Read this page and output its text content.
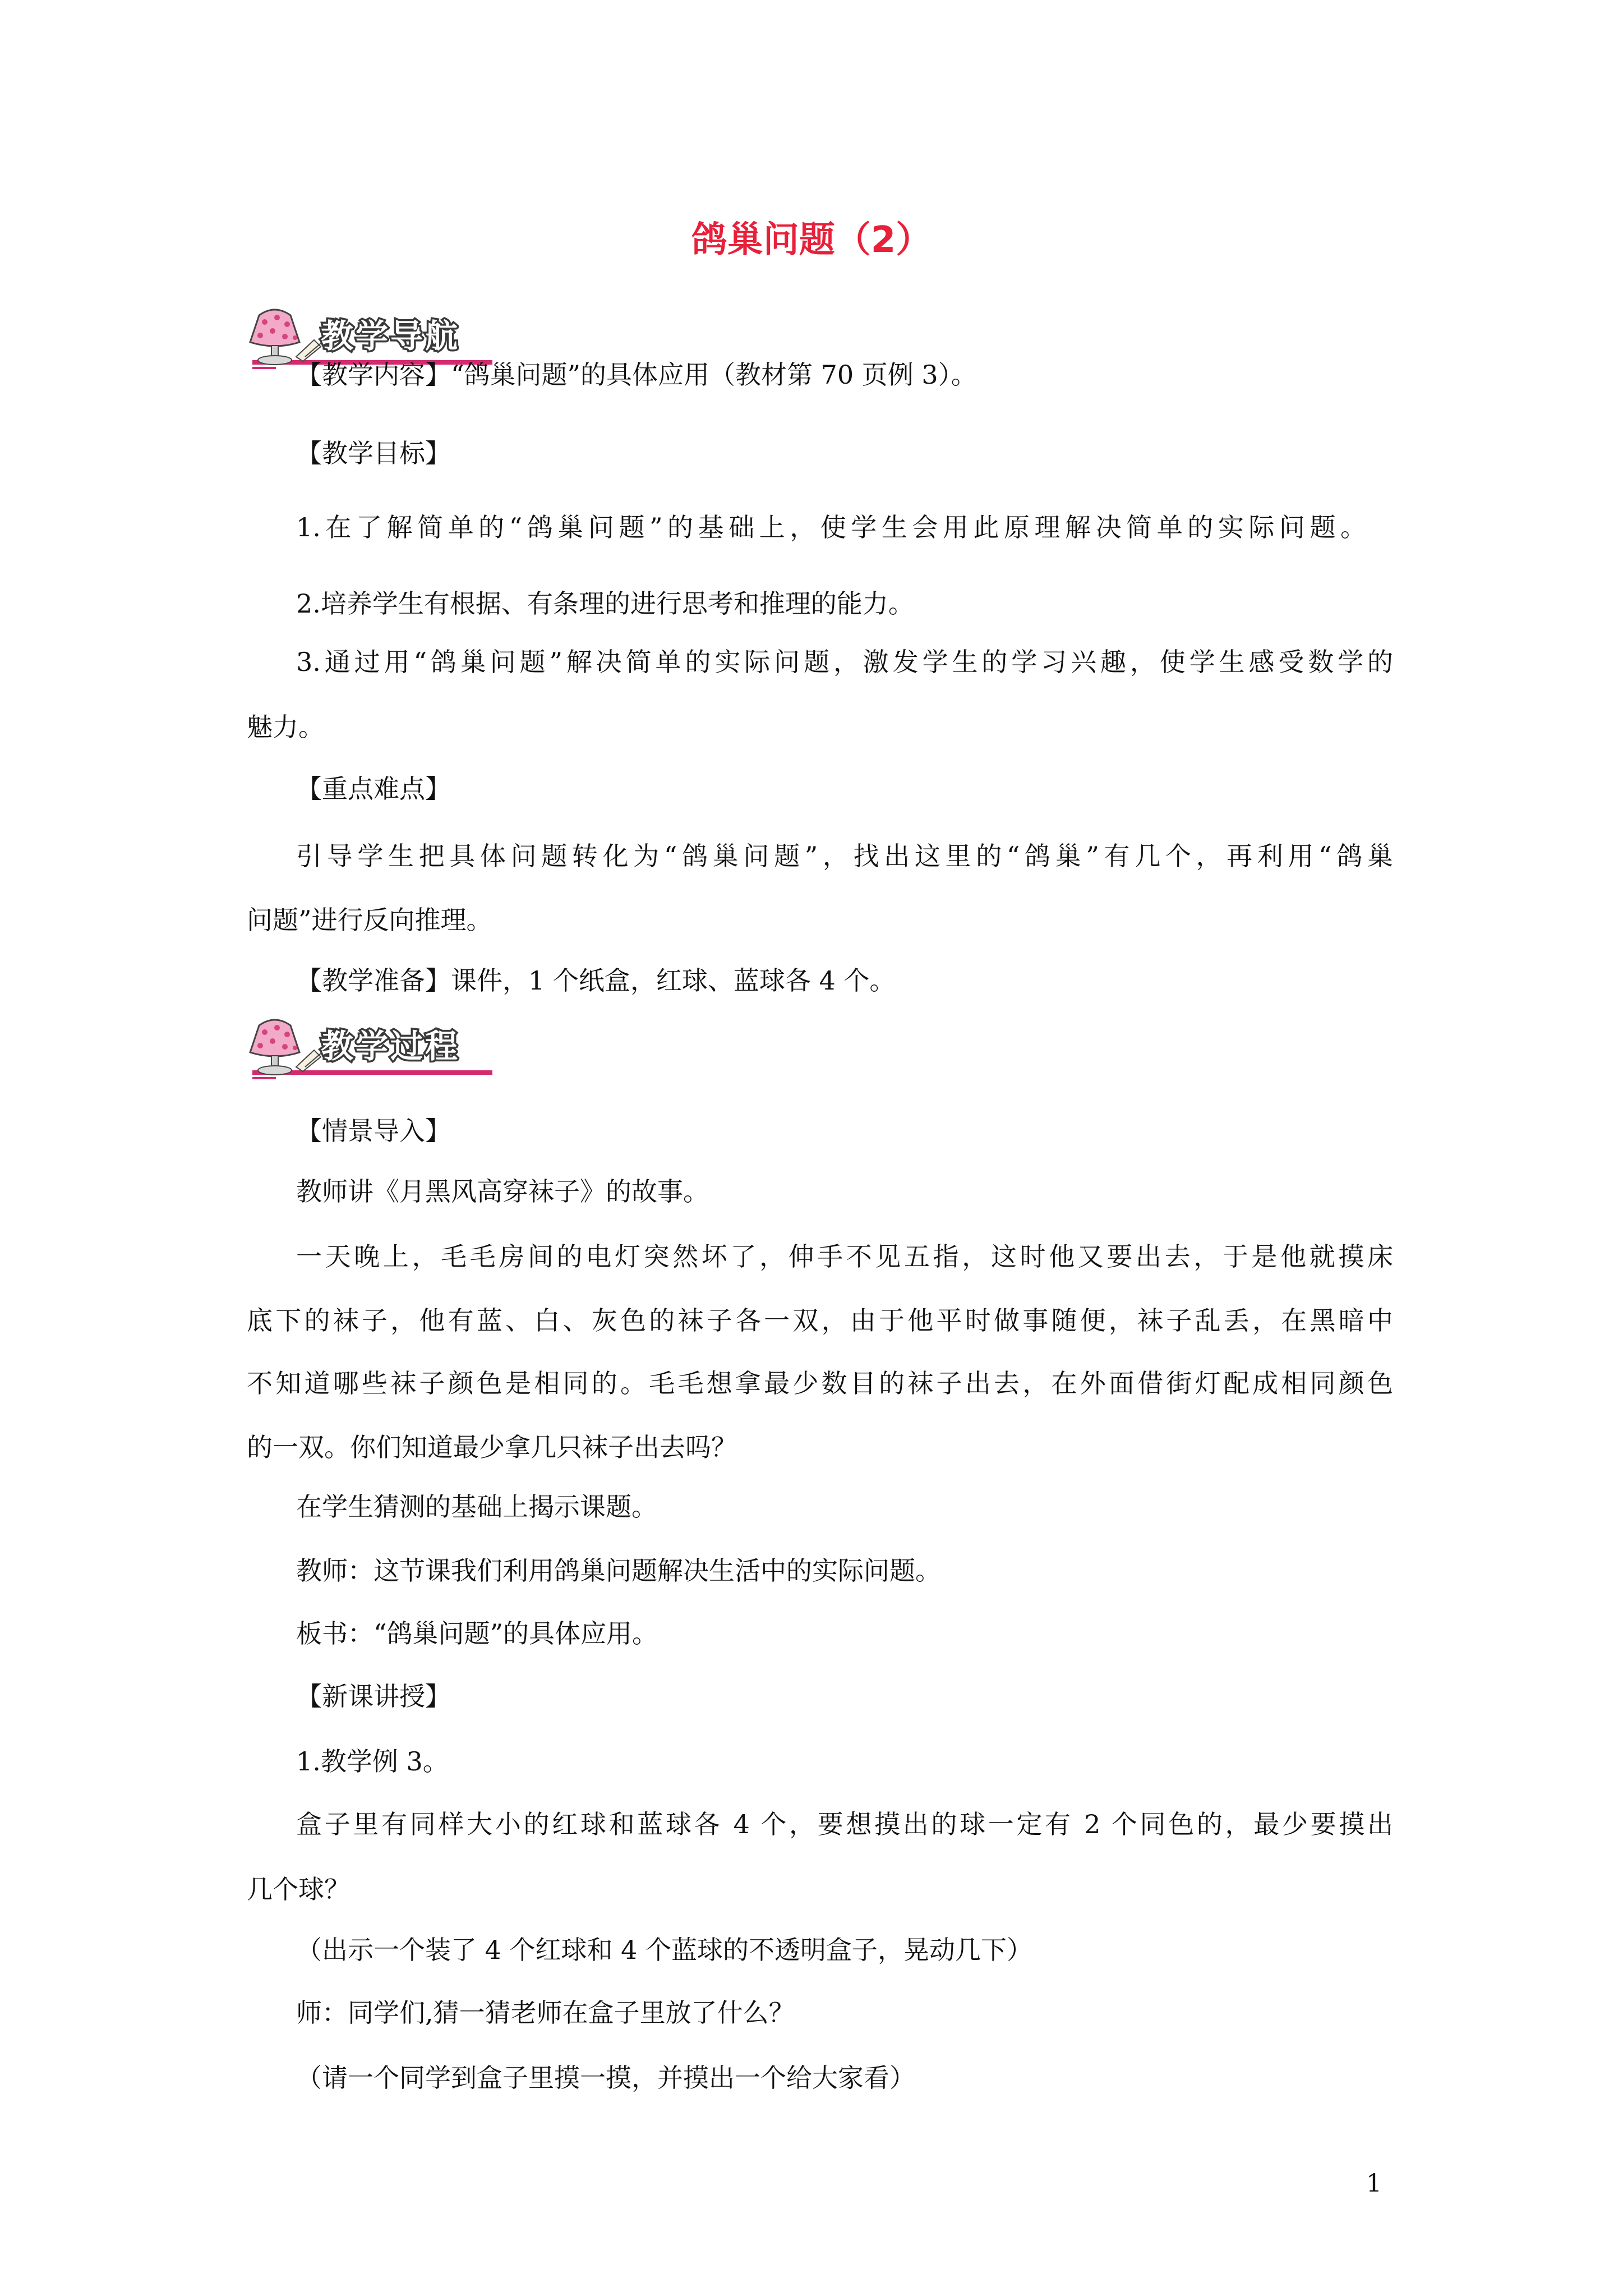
鸽巢问题（2）
教学导航
【教学内容】“鸽巢问题”的具体应用（教材第 70 页例 3）。
【教学目标】
1.在了解简单的“鸽巢问题”的基础上，使学生会用此原理解决简单的实际问题。
2.培养学生有根据、有条理的进行思考和推理的能力。
3.通过用“鸽巢问题”解决简单的实际问题，激发学生的学习兴趣，使学生感受数学的
魅力。
【重点难点】
引导学生把具体问题转化为“鸽巢问题”，找出这里的“鸽巢”有几个，再利用“鸽巢
问题”进行反向推理。
【教学准备】课件，1 个纸盒，红球、蓝球各 4 个。
教学过程
【情景导入】
教师讲《月黑风高穿袜子》的故事。
一天晚上，毛毛房间的电灯突然坏了，伸手不见五指，这时他又要出去，于是他就摸床
底下的袜子，他有蓝、白、灰色的袜子各一双，由于他平时做事随便，袜子乱丢，在黑暗中
不知道哪些袜子颜色是相同的。毛毛想拿最少数目的袜子出去，在外面借街灯配成相同颜色
的一双。你们知道最少拿几只袜子出去吗？
在学生猜测的基础上揭示课题。
教师：这节课我们利用鸽巢问题解决生活中的实际问题。
板书：“鸽巢问题”的具体应用。
【新课讲授】
1.教学例 3。
盒子里有同样大小的红球和蓝球各 4 个，要想摸出的球一定有 2 个同色的，最少要摸出
几个球？
（出示一个装了 4 个红球和 4 个蓝球的不透明盒子，晃动几下）
师：同学们,猜一猜老师在盒子里放了什么？
（请一个同学到盒子里摸一摸，并摸出一个给大家看）
1
